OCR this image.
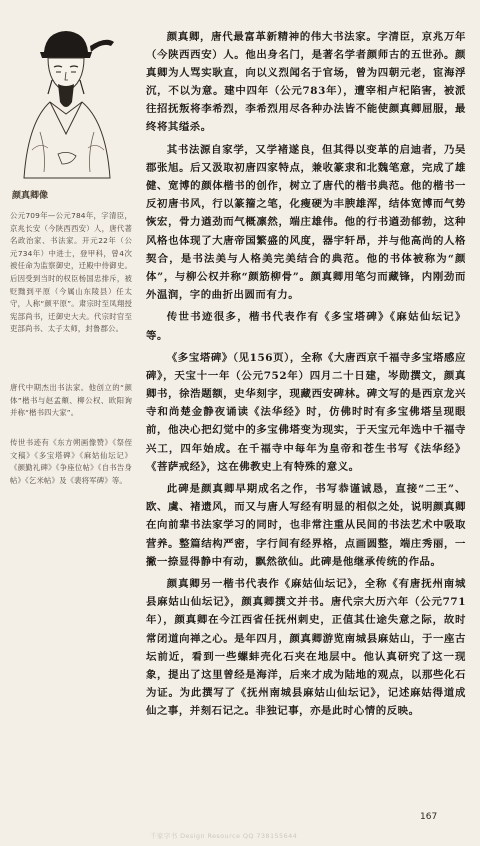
颜真卿像

公元709年—公元784年，字清臣，京兆长安（今陕西西安）人，唐代著名政治家、书法家。开元22年（公元734年）中进士，登甲科，曾4次被任命为监察御史，迁殿中侍御史。后因受到当时的权臣杨国忠排斥，被贬黜到平原（今属山东陵县）任太守，人称“颜平原”。肃宗时至凤翔授宪部尚书，迁御史大夫。代宗时官至吏部尚书、太子太师，封鲁郡公。

唐代中期杰出书法家。他创立的“颜体”楷书与赵孟頫、柳公权、欧阳询并称“楷书四大家”。

传世书迹有《东方朔画像赞》《祭侄文稿》《多宝塔碑》《麻姑仙坛记》《颜勤礼碑》《争座位帖》《自书告身帖》《乞米帖》及《裴将军碑》等。

颜真卿，唐代最富革新精神的伟大书法家。字清臣，京兆万年（今陕西西安）人。他出身名门，是著名学者颜师古的五世孙。颜真卿为人骂实耿直，向以义烈闻名于官场，曾为四朝元老，宦海浮沉，不以为意。建中四年（公元783年），遭宰相卢杞陷害，被派往招抚叛将李希烈，李希烈用尽各种办法皆不能使颜真卿屈服，最终将其缢杀。

其书法源自家学，又学褚遂良，但其得以变革的启迪者，乃吴郡张旭。后又汲取初唐四家特点，兼收篆隶和北魏笔意，完成了雄健、宽博的颜体楷书的创作，树立了唐代的楷书典范。他的楷书一反初唐书风，行以篆籀之笔，化瘦硬为丰腴雄浑，结体宽博而气势恢宏，骨力遒劲而气概凛然，端庄雄伟。他的行书遒劲郁勃，这种风格也体现了大唐帝国繁盛的风度，器宇轩昂，并与他高尚的人格契合，是书法美与人格美完美结合的典范。他的书体被称为“颜体”，与柳公权并称“颜筋柳骨”。颜真卿用笔匀而藏锋，内刚劲而外温润，字的曲折出圆而有力。

传世书迹很多，楷书代表作有《多宝塔碑》《麻姑仙坛记》等。

《多宝塔碑》（见156页），全称《大唐西京千福寺多宝塔感应碑》，天宝十一年（公元752年）四月二十日建，岑勋撰文，颜真卿书，徐浩题额，史华刻字，现藏西安碑林。碑文写的是西京龙兴寺和尚楚金静夜诵读《法华经》时，仿佛时时有多宝佛塔呈现眼前，他决心把幻觉中的多宝佛塔变为现实，于天宝元年选中千福寺兴工，四年始成。在千福寺中每年为皇帝和苍生书写《法华经》《菩萨戒经》，这在佛教史上有特殊的意义。

此碑是颜真卿早期成名之作，书写恭谨诚恳，直接“二王”、欧、虞、褚遗风，而又与唐人写经有明显的相似之处，说明颜真卿在向前辈书法家学习的同时，也非常注重从民间的书法艺术中吸取营养。整篇结构严密，字行间有经界格，点画圆整，端庄秀丽，一撇一捺显得静中有动，飘然欲仙。此碑是他继承传统的作品。

颜真卿另一楷书代表作《麻姑仙坛记》，全称《有唐抚州南城县麻姑山仙坛记》，颜真卿撰文并书。唐代宗大历六年（公元771年），颜真卿在今江西省任抚州刺史，正值其仕途失意之际，故时常闭道向禅之心。是年四月，颜真卿游览南城县麻姑山，于一座古坛前近，看到一些螺蚌壳化石夹在地层中。他认真研究了这一现象，提出了这里曾经是海洋，后来才成为陆地的观点，以那些化石为证。为此撰写了《抚州南城县麻姑山仙坛记》，记述麻姑得道成仙之事，并刻石记之。非独记事，亦是此时心情的反映。

167
千家字书 Design Resource QQ 738155644
